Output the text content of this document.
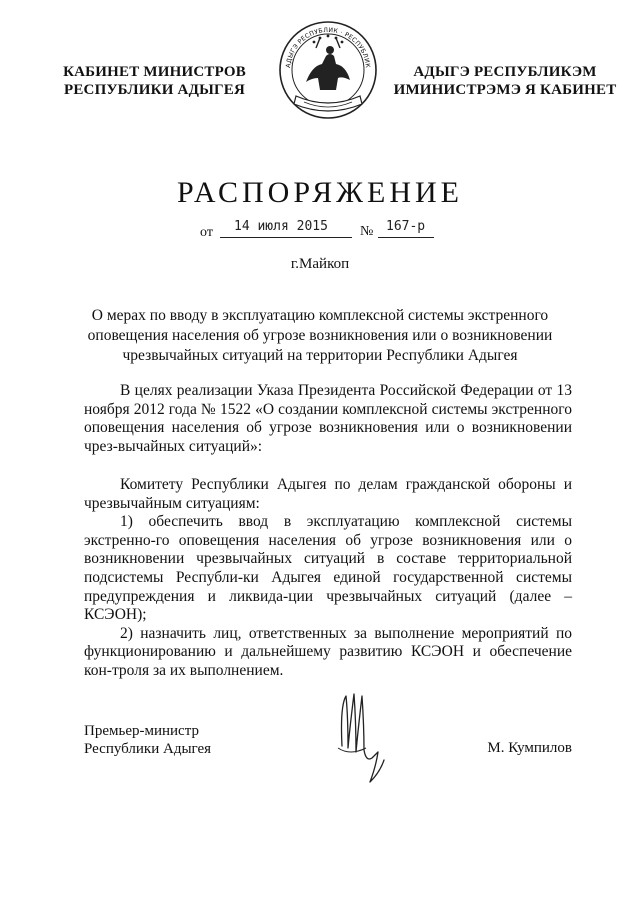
КАБИНЕТ МИНИСТРОВ
РЕСПУБЛИКИ АДЫГЕЯ
АДЫГЭ РЕСПУБЛИК · РЕСПУБЛИК	АДЫГЭ РЕСПУБЛИКЭМ
ИМИНИСТРЭМЭ Я КАБИНЕТ
РАСПОРЯЖЕНИЕ
от 14 июля 2015 № 167-р
г.Майкоп
О мерах по вводу в эксплуатацию комплексной системы экстренного
оповещения населения об угрозе возникновения или о возникновении
чрезвычайных ситуаций на территории Республики Адыгея

В целях реализации Указа Президента Российской Федерации от 13 ноября 2012 года № 1522 «О создании комплексной системы экстренного оповещения населения об угрозе возникновения или о возникновении чрез-вычайных ситуаций»:

Комитету Республики Адыгея по делам гражданской обороны и чрезвычайным ситуациям:

1) обеспечить ввод в эксплуатацию комплексной системы экстренно-го оповещения населения об угрозе возникновения или о возникновении чрезвычайных ситуаций в составе территориальной подсистемы Республи-ки Адыгея единой государственной системы предупреждения и ликвида-ции чрезвычайных ситуаций (далее – КСЭОН);

2) назначить лиц, ответственных за выполнение мероприятий по функционированию и дальнейшему развитию КСЭОН и обеспечение кон-троля за их выполнением.

Премьер-министр
Республики Адыгея	М. Кумпилов
